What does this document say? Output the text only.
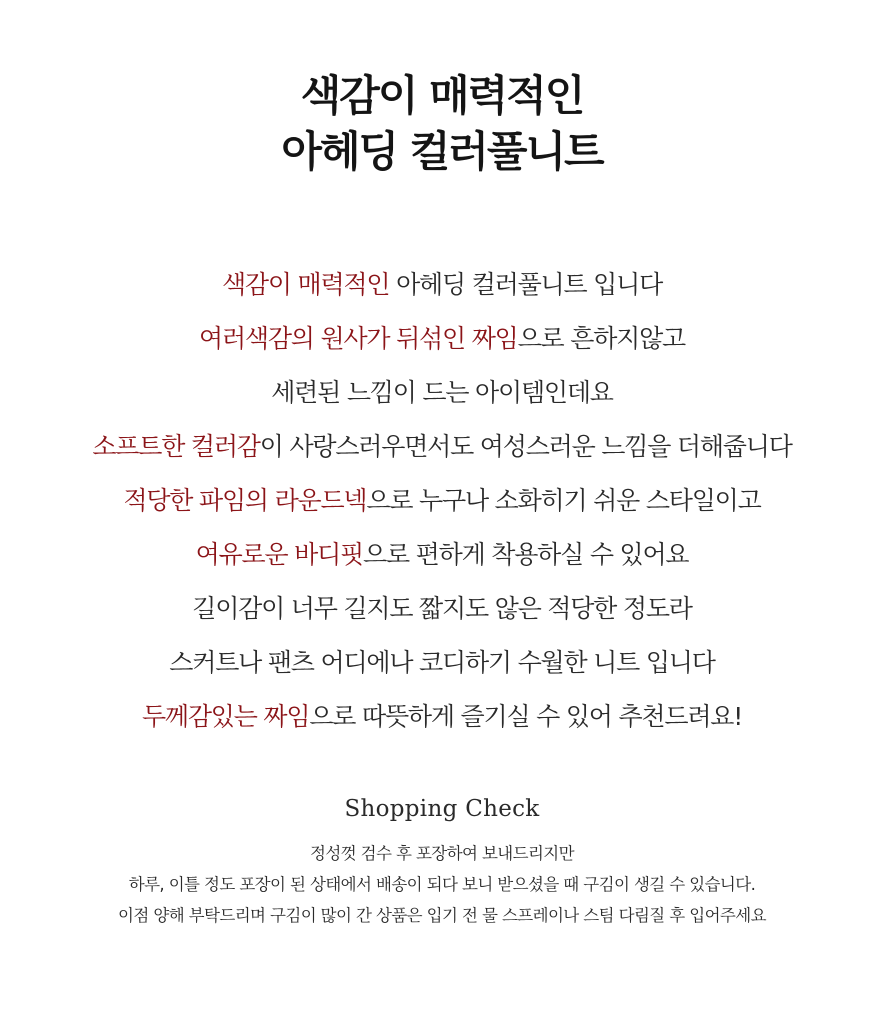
색감이 매력적인
아헤딩 컬러풀니트
색감이 매력적인 아헤딩 컬러풀니트 입니다
여러색감의 원사가 뒤섞인 짜임으로 흔하지않고
세련된 느낌이 드는 아이템인데요
소프트한 컬러감이 사랑스러우면서도 여성스러운 느낌을 더해줍니다
적당한 파임의 라운드넥으로 누구나 소화히기 쉬운 스타일이고
여유로운 바디핏으로 편하게 착용하실 수 있어요
길이감이 너무 길지도 짧지도 않은 적당한 정도라
스커트나 팬츠 어디에나 코디하기 수월한 니트 입니다
두께감있는 짜임으로 따뜻하게 즐기실 수 있어 추천드려요!
Shopping Check
정성껏 검수 후 포장하여 보내드리지만
하루, 이틀 정도 포장이 된 상태에서 배송이 되다 보니 받으셨을 때 구김이 생길 수 있습니다.
이점 양해 부탁드리며 구김이 많이 간 상품은 입기 전 물 스프레이나 스팀 다림질 후 입어주세요
